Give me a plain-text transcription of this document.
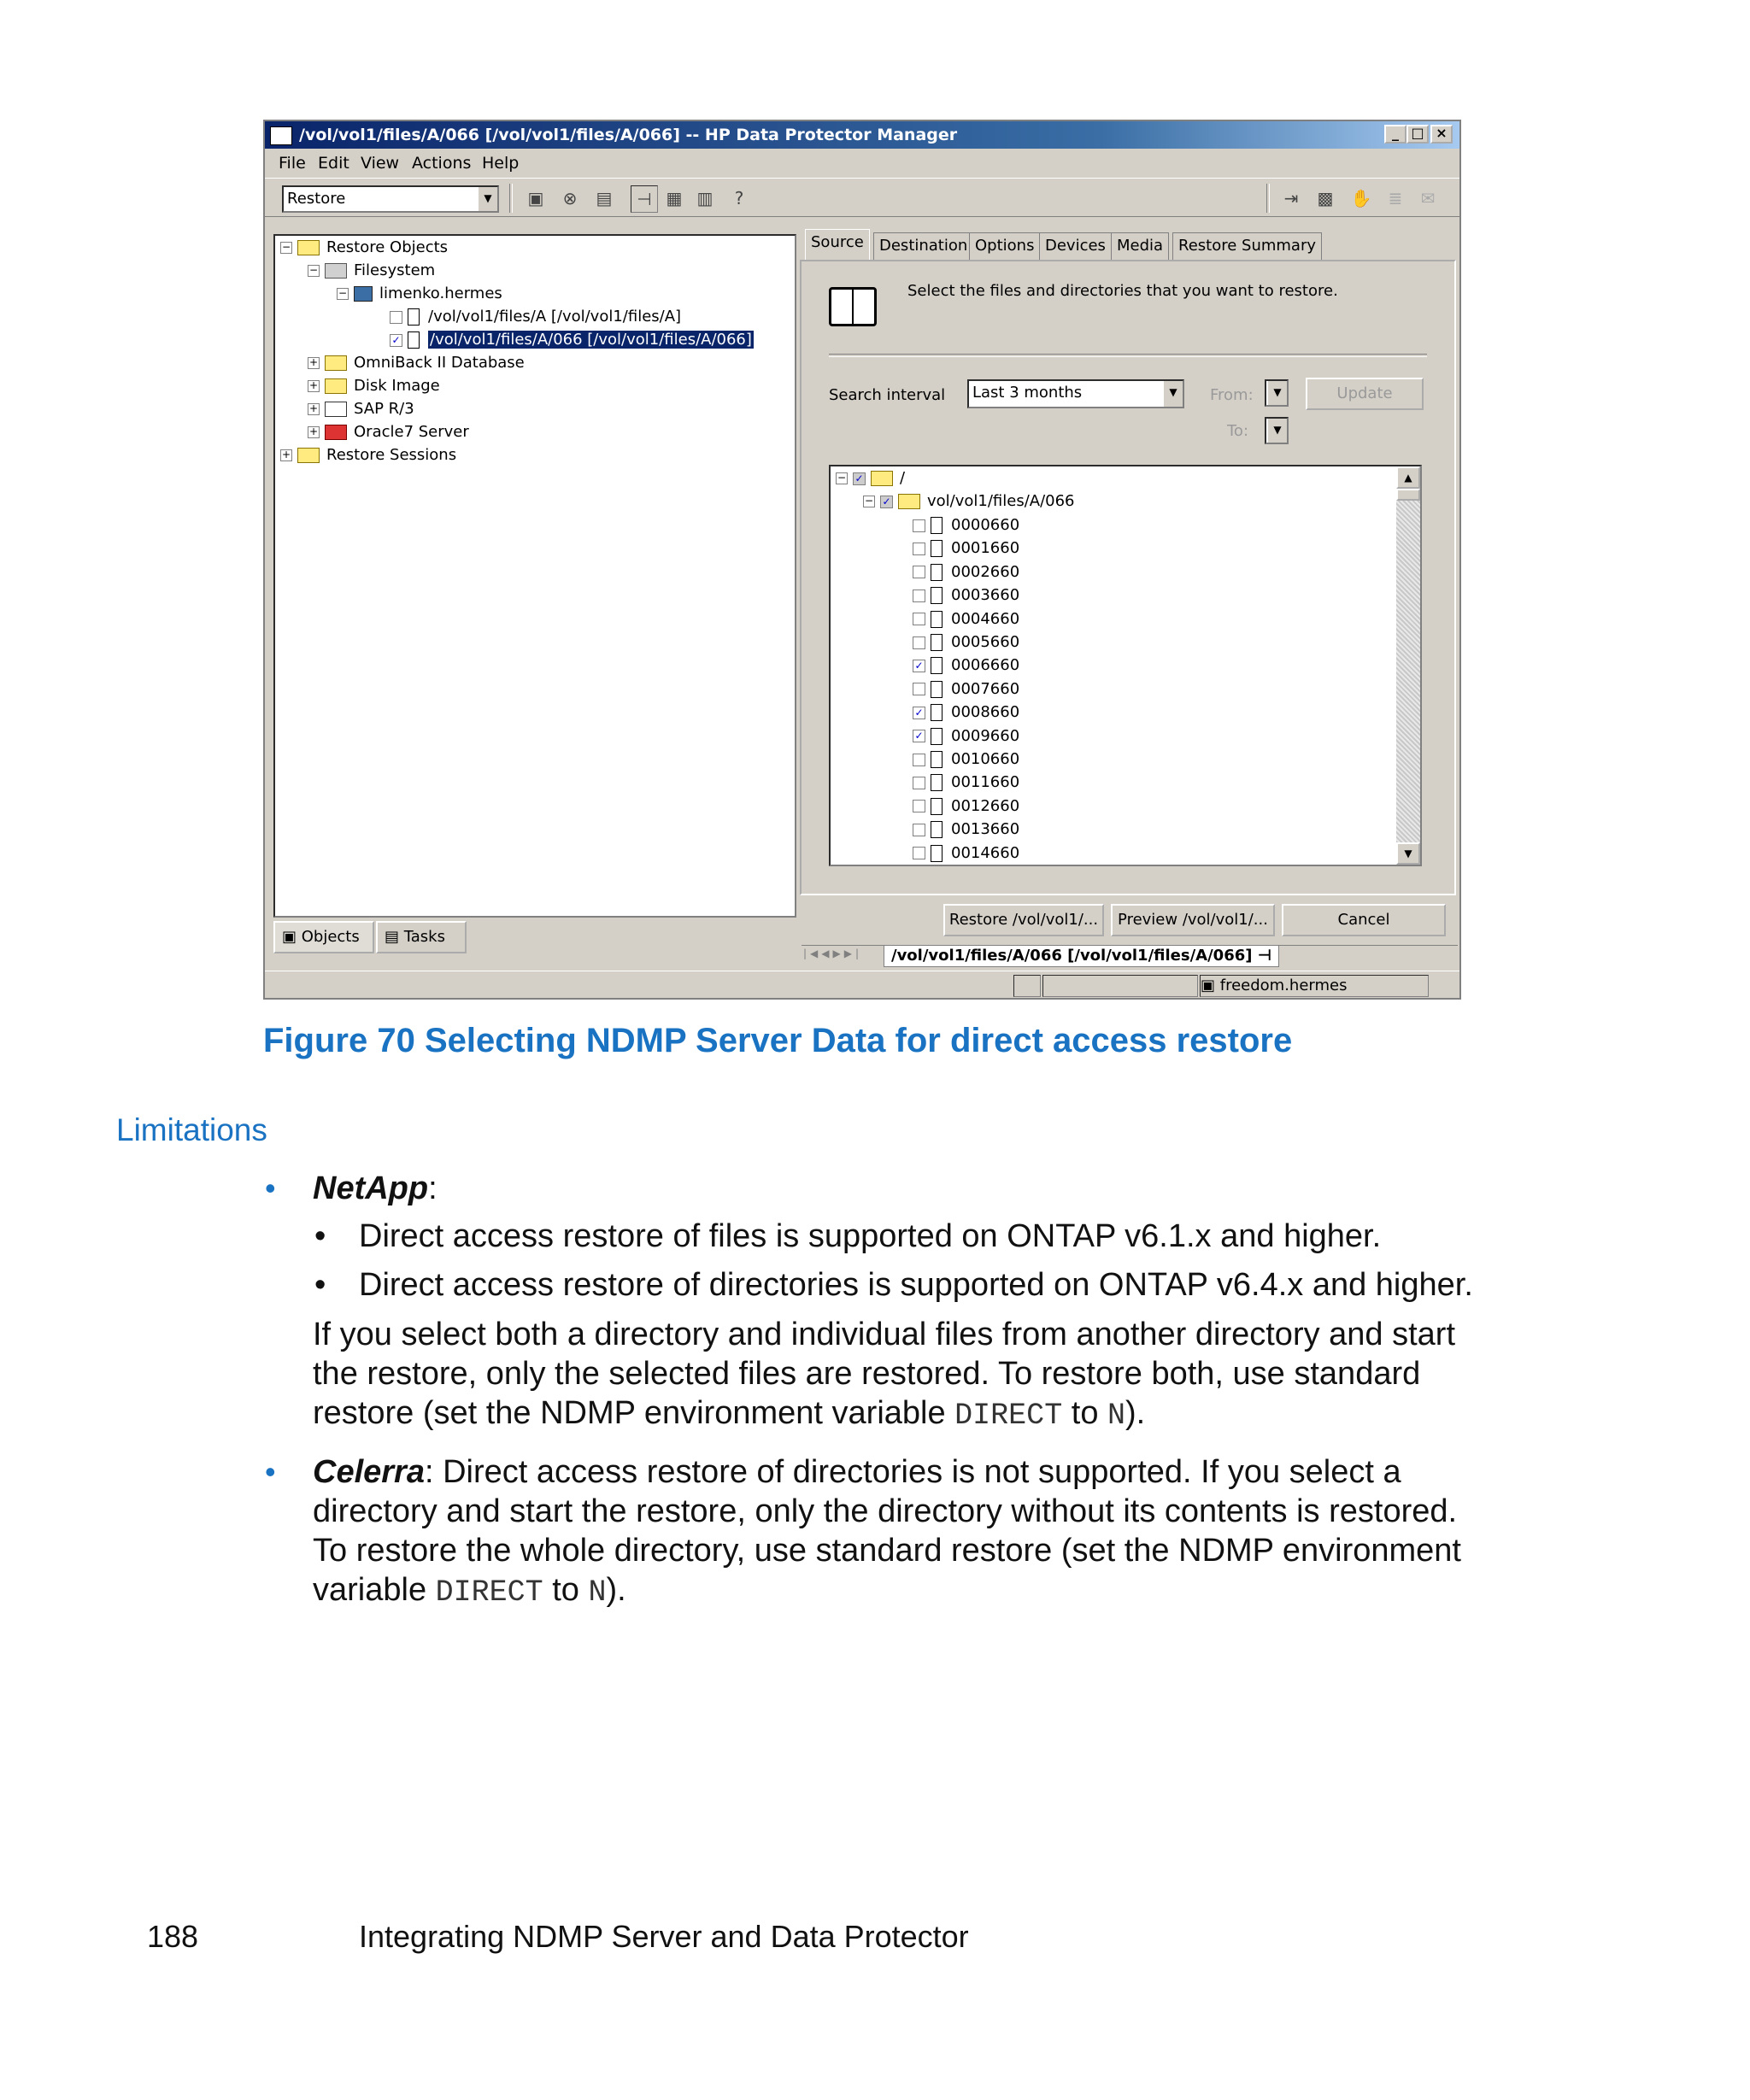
/vol/vol1/files/A/066 [/vol/vol1/files/A/066] -- HP Data Protector Manager	_ □ ×
File Edit View Actions Help
Restore	▼	▣	⊗	▤	⊣ ▦ ▥	?	⇥	▩ ✋ ≣	✉
− Restore Objects
− Filesystem
− limenko.hermes
/vol/vol1/files/A [/vol/vol1/files/A]
✓ /vol/vol1/files/A/066 [/vol/vol1/files/A/066]
+ OmniBack II Database
+ Disk Image
+ SAP R/3
+ Oracle7 Server
+ Restore Sessions
▣ Objects	▤ Tasks
Source	Destination Options Devices Media Restore Summary
Select the files and directories that you want to restore.
Search interval	Last 3 months	▼	From:	▼	Update
To:	▼
− ✓ /
− ✓ vol/vol1/files/A/066
0000660
0001660
0002660
0003660
0004660
0005660
✓ 0006660
0007660
✓ 0008660
✓ 0009660
0010660
0011660
0012660
0013660
0014660
▲
▼
Restore /vol/vol1/...	Preview /vol/vol1/...	Cancel
|◀◀▶▶|	/vol/vol1/files/A/066 [/vol/vol1/files/A/066] ⊣
▣ freedom.hermes
Figure 70 Selecting NDMP Server Data for direct access restore
Limitations
• NetApp:
• Direct access restore of files is supported on ONTAP v6.1.x and higher.
• Direct access restore of directories is supported on ONTAP v6.4.x and higher.
If you select both a directory and individual files from another directory and start
the restore, only the selected files are restored. To restore both, use standard
restore (set the NDMP environment variable DIRECT to N).
• Celerra: Direct access restore of directories is not supported. If you select a
directory and start the restore, only the directory without its contents is restored.
To restore the whole directory, use standard restore (set the NDMP environment
variable DIRECT to N).
188	Integrating NDMP Server and Data Protector
